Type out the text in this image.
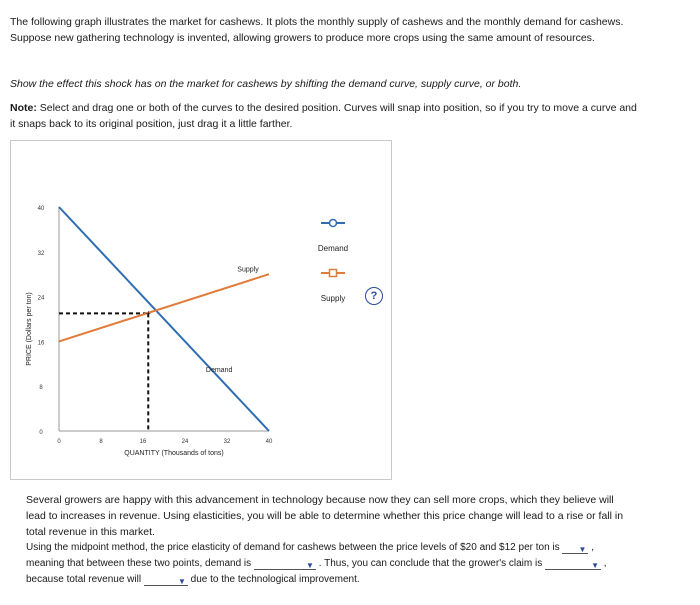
The following graph illustrates the market for cashews. It plots the monthly supply of cashews and the monthly demand for cashews. Suppose new gathering technology is invented, allowing growers to produce more crops using the same amount of resources.
Show the effect this shock has on the market for cashews by shifting the demand curve, supply curve, or both.
Note: Select and drag one or both of the curves to the desired position. Curves will snap into position, so if you try to move a curve and it snaps back to its original position, just drag it a little farther.
0
8
16
24
32
40
0	8	16	24	32	40
PRICE (Dollars per ton)
QUANTITY (Thousands of tons)
+
Demand
Supply
Demand
Supply	?
Several growers are happy with this advancement in technology because now they can sell more crops, which they believe will lead to increases in revenue. Using elasticities, you will be able to determine whether this price change will lead to a rise or fall in total revenue in this market.
Using the midpoint method, the price elasticity of demand for cashews between the price levels of $20 and $12 per ton is ▼ , meaning that between these two points, demand is	▼ . Thus, you can conclude that the grower's claim is	▼ , because total revenue will	▼ due to the technological improvement.
